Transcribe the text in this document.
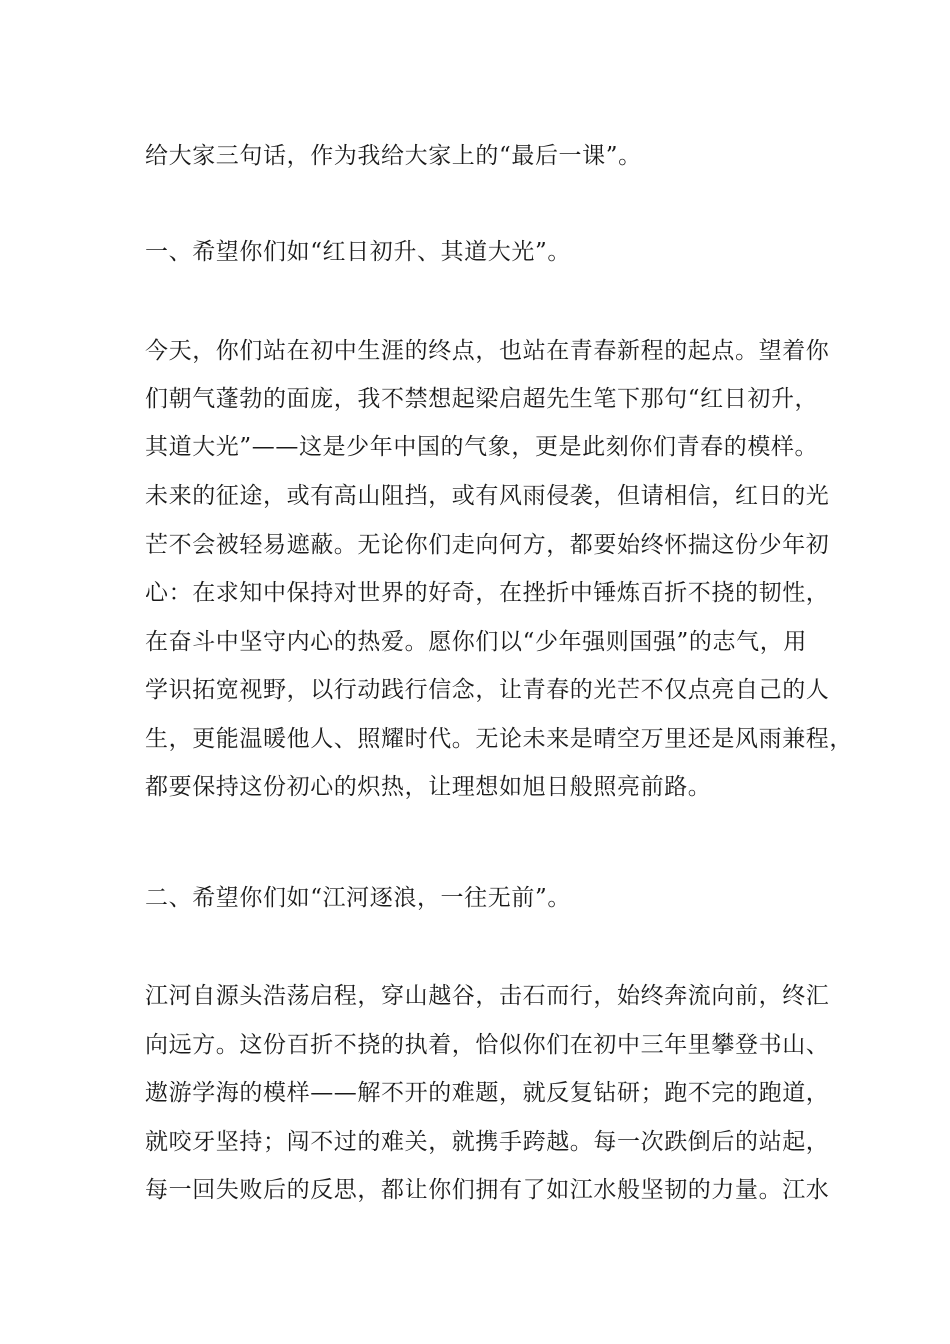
给大家三句话，作为我给大家上的“最后一课”。
一、希望你们如“红日初升、其道大光”。
今天，你们站在初中生涯的终点，也站在青春新程的起点。望着你
们朝气蓬勃的面庞，我不禁想起梁启超先生笔下那句“红日初升，
其道大光”——这是少年中国的气象，更是此刻你们青春的模样。
未来的征途，或有高山阻挡，或有风雨侵袭，但请相信，红日的光
芒不会被轻易遮蔽。无论你们走向何方，都要始终怀揣这份少年初
心：在求知中保持对世界的好奇，在挫折中锤炼百折不挠的韧性，
在奋斗中坚守内心的热爱。愿你们以“少年强则国强”的志气，用
学识拓宽视野，以行动践行信念，让青春的光芒不仅点亮自己的人
生，更能温暖他人、照耀时代。无论未来是晴空万里还是风雨兼程，
都要保持这份初心的炽热，让理想如旭日般照亮前路。
二、希望你们如“江河逐浪，一往无前”。
江河自源头浩荡启程，穿山越谷，击石而行，始终奔流向前，终汇
向远方。这份百折不挠的执着，恰似你们在初中三年里攀登书山、
遨游学海的模样——解不开的难题，就反复钻研；跑不完的跑道，
就咬牙坚持；闯不过的难关，就携手跨越。每一次跌倒后的站起，
每一回失败后的反思，都让你们拥有了如江水般坚韧的力量。江水
